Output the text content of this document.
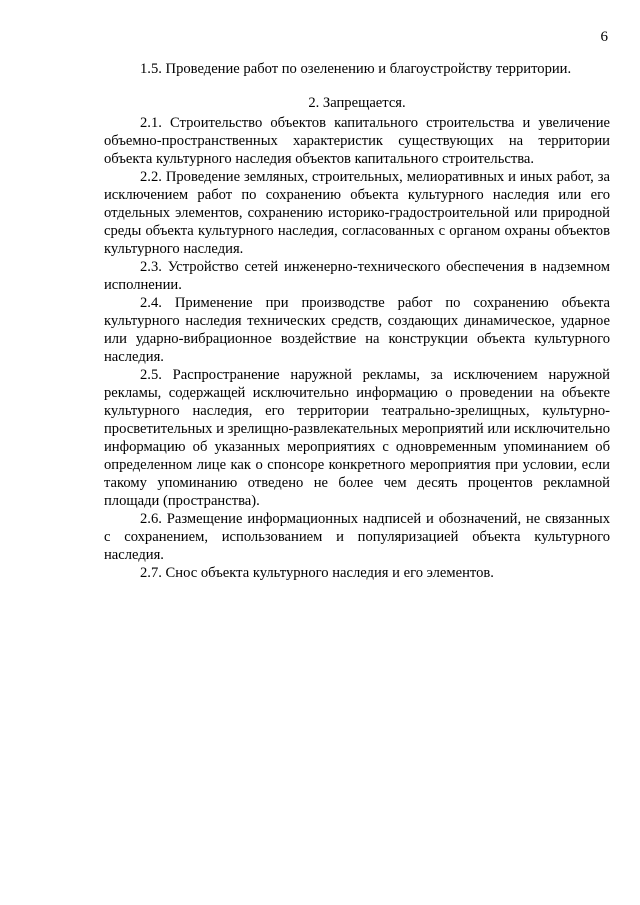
6

1.5. Проведение работ по озеленению и благоустройству территории.

2. Запрещается.

2.1. Строительство объектов капитального строительства и увеличение объемно-пространственных характеристик существующих на территории объекта культурного наследия объектов капитального строительства.

2.2. Проведение земляных, строительных, мелиоративных и иных работ, за исключением работ по сохранению объекта культурного наследия или его отдельных элементов, сохранению историко-градостроительной или природной среды объекта культурного наследия, согласованных с органом охраны объектов культурного наследия.

2.3. Устройство сетей инженерно-технического обеспечения в надземном исполнении.

2.4. Применение при производстве работ по сохранению объекта культурного наследия технических средств, создающих динамическое, ударное или ударно-вибрационное воздействие на конструкции объекта культурного наследия.

2.5. Распространение наружной рекламы, за исключением наружной рекламы, содержащей исключительно информацию о проведении на объекте культурного наследия, его территории театрально-зрелищных, культурно-просветительных и зрелищно-развлекательных мероприятий или исключительно информацию об указанных мероприятиях с одновременным упоминанием об определенном лице как о спонсоре конкретного мероприятия при условии, если такому упоминанию отведено не более чем десять процентов рекламной площади (пространства).

2.6. Размещение информационных надписей и обозначений, не связанных с сохранением, использованием и популяризацией объекта культурного наследия.

2.7. Снос объекта культурного наследия и его элементов.
